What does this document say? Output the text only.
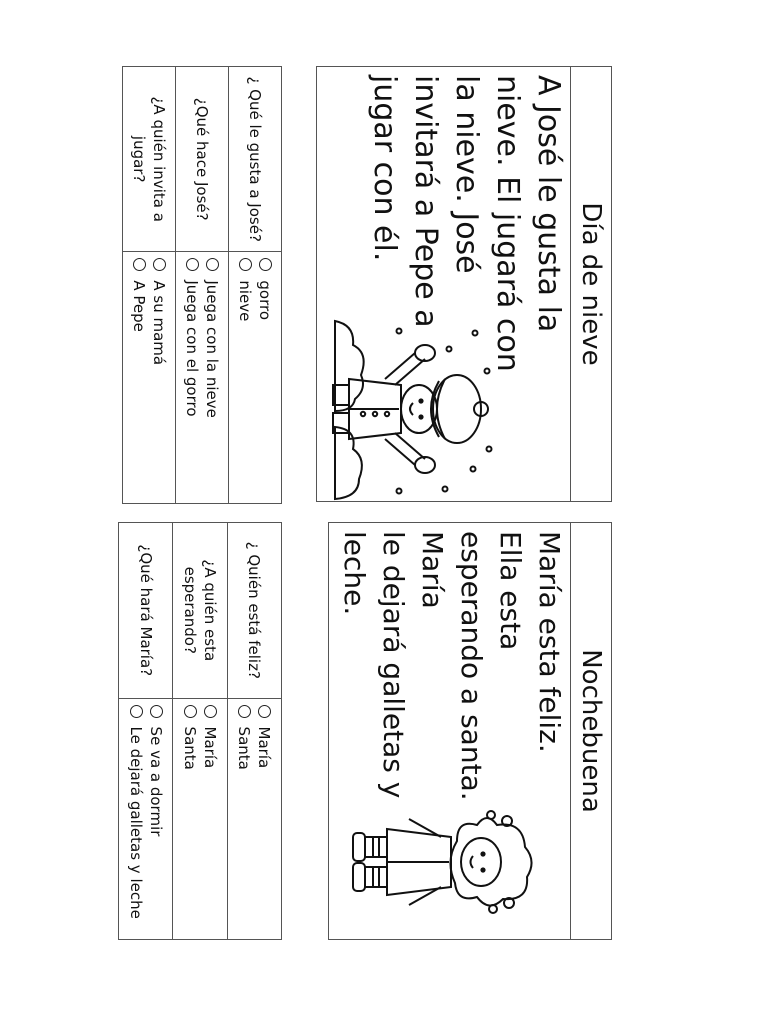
Día de nieve
A José le gusta la
nieve. El jugará con
la nieve. José
invitará a Pepe a
jugar con él.
¿ Qué le gusta a José?	gorro
nieve

¿Qué hace José?	Juega con la nieve
Juega con el gorro

¿A quién invita a jugar?	A su mamá
A Pepe
Nochebuena
María esta feliz.
Ella esta
esperando a santa.
María
le dejará galletas y
leche.
¿ Quién está feliz?	María
Santa

¿A quién esta esperando?	María
Santa

¿Qué hará María?	Se va a dormir
Le dejará galletas y leche
